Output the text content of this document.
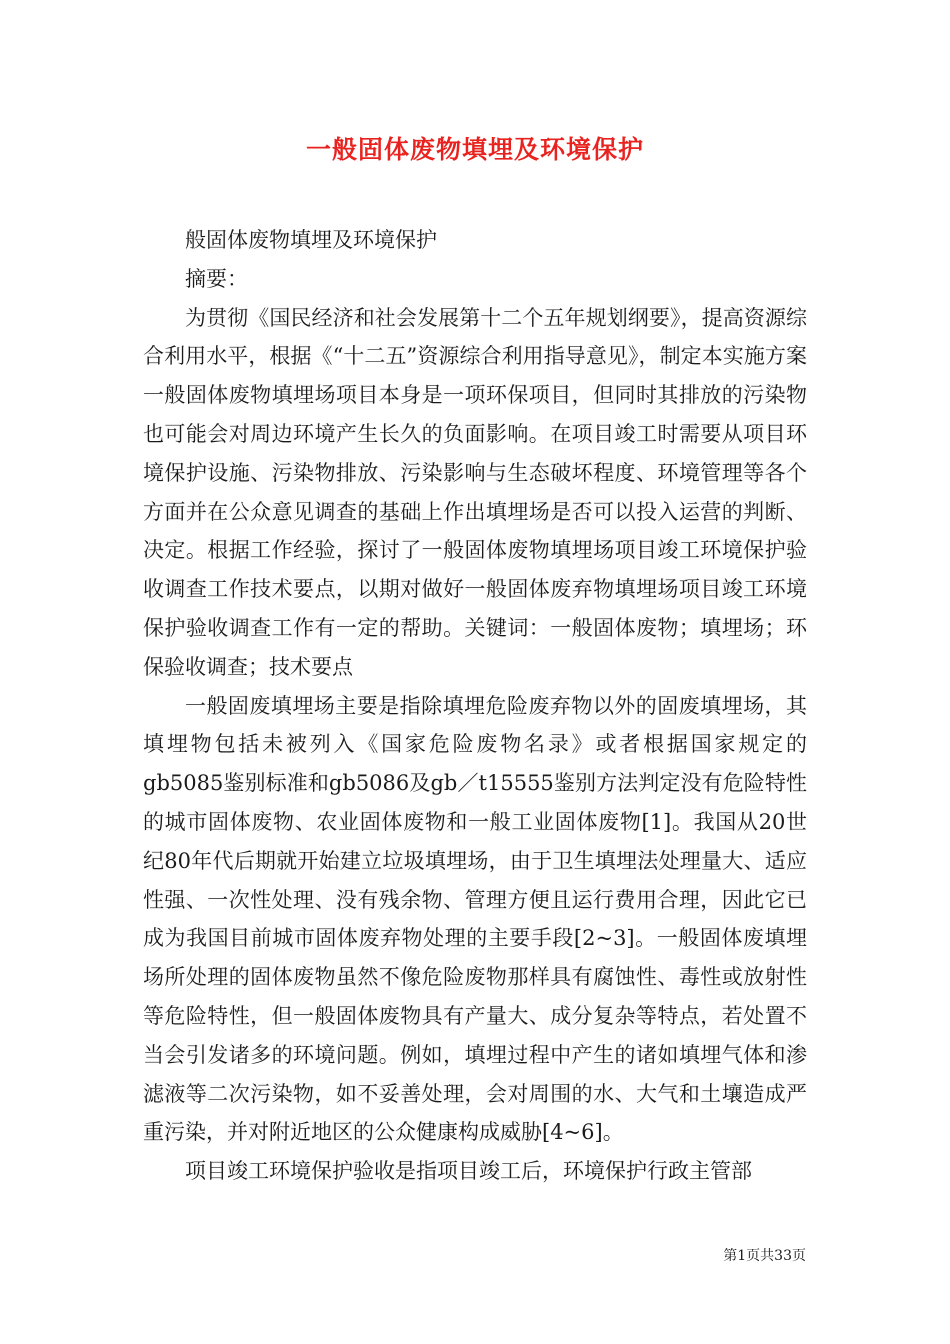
一般固体废物填埋及环境保护

般固体废物填埋及环境保护

摘要：

为贯彻《国民经济和社会发展第十二个五年规划纲要》，提高资源综合利用水平，根据《“十二五”资源综合利用指导意见》，制定本实施方案一般固体废物填埋场项目本身是一项环保项目，但同时其排放的污染物也可能会对周边环境产生长久的负面影响。在项目竣工时需要从项目环境保护设施、污染物排放、污染影响与生态破坏程度、环境管理等各个方面并在公众意见调查的基础上作出填埋场是否可以投入运营的判断、决定。根据工作经验，探讨了一般固体废物填埋场项目竣工环境保护验收调查工作技术要点，以期对做好一般固体废弃物填埋场项目竣工环境保护验收调查工作有一定的帮助。关键词：一般固体废物；填埋场；环保验收调查；技术要点

一般固废填埋场主要是指除填埋危险废弃物以外的固废填埋场，其填埋物包括未被列入《国家危险废物名录》或者根据国家规定的gb5085鉴别标准和gb5086及gb／t15555鉴别方法判定没有危险特性的城市固体废物、农业固体废物和一般工业固体废物[1]。我国从20世纪80年代后期就开始建立垃圾填埋场，由于卫生填埋法处理量大、适应性强、一次性处理、没有残余物、管理方便且运行费用合理，因此它已成为我国目前城市固体废弃物处理的主要手段[2~3]。一般固体废填埋场所处理的固体废物虽然不像危险废物那样具有腐蚀性、毒性或放射性等危险特性，但一般固体废物具有产量大、成分复杂等特点，若处置不当会引发诸多的环境问题。例如，填埋过程中产生的诸如填埋气体和渗滤液等二次污染物，如不妥善处理，会对周围的水、大气和土壤造成严重污染，并对附近地区的公众健康构成威胁[4~6]。

项目竣工环境保护验收是指项目竣工后，环境保护行政主管部

第1页共33页
